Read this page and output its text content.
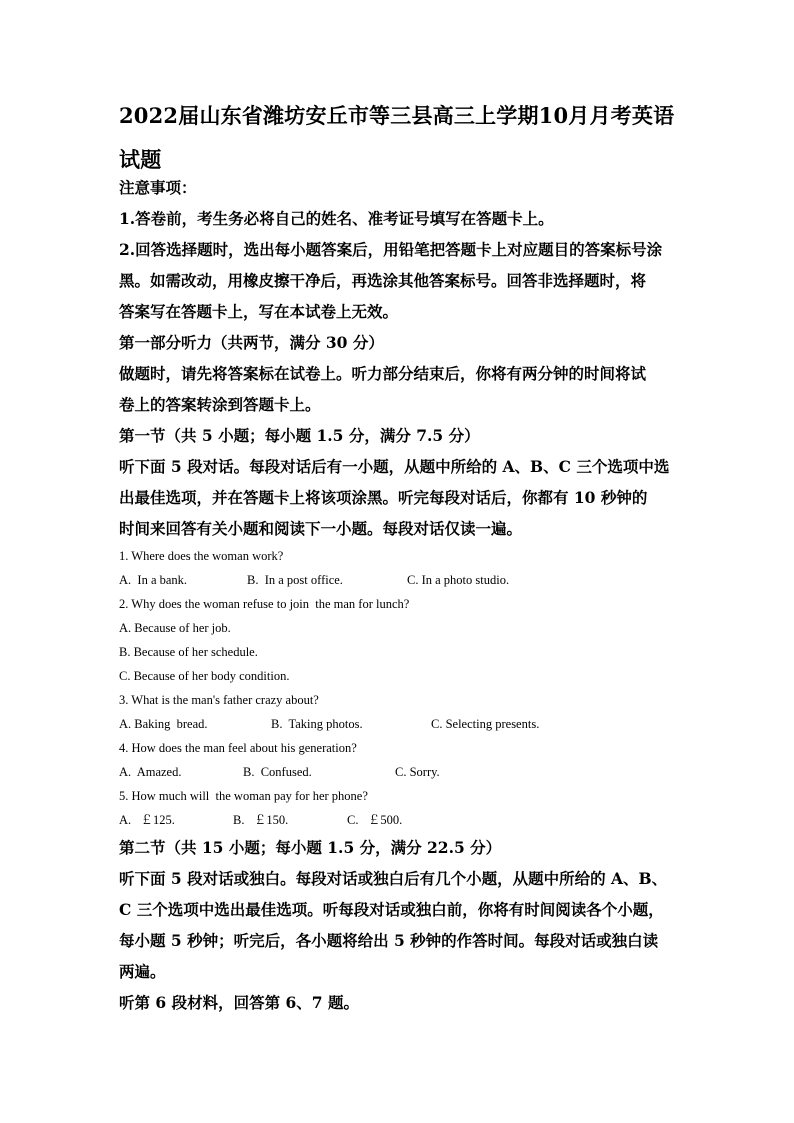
2022届山东省潍坊安丘市等三县高三上学期10月月考英语
试题

注意事项：

1.答卷前，考生务必将自己的姓名、准考证号填写在答题卡上。

2.回答选择题时，选出每小题答案后，用铅笔把答题卡上对应题目的答案标号涂

黑。如需改动，用橡皮擦干净后，再选涂其他答案标号。回答非选择题时，将

答案写在答题卡上，写在本试卷上无效。

第一部分听力（共两节，满分 30 分）

做题时，请先将答案标在试卷上。听力部分结束后，你将有两分钟的时间将试

卷上的答案转涂到答题卡上。

第一节（共 5 小题；每小题 1.5 分，满分 7.5 分）

听下面 5 段对话。每段对话后有一小题，从题中所给的 A、B、C 三个选项中选

出最佳选项，并在答题卡上将该项涂黑。听完每段对话后，你都有 10 秒钟的

时间来回答有关小题和阅读下一小题。每段对话仅读一遍。

1. Where does the woman work?

A.  In a bank.	B.  In a post office.	C. In a photo studio.

2. Why does the woman refuse to join  the man for lunch?

A. Because of her job.

B. Because of her schedule.

C. Because of her body condition.

3. What is the man's father crazy about?

A. Baking  bread.	B.  Taking photos.	C. Selecting presents.

4. How does the man feel about his generation?

A.  Amazed.	B.  Confused.	C. Sorry.

5. How much will  the woman pay for her phone?

A.   ￡125.	B.   ￡150.	C.   ￡500.

第二节（共 15 小题；每小题 1.5 分，满分 22.5 分）

听下面 5 段对话或独白。每段对话或独白后有几个小题，从题中所给的 A、B、

C 三个选项中选出最佳选项。听每段对话或独白前，你将有时间阅读各个小题，

每小题 5 秒钟；听完后，各小题将给出 5 秒钟的作答时间。每段对话或独白读

两遍。

听第 6 段材料，回答第 6、7 题。
